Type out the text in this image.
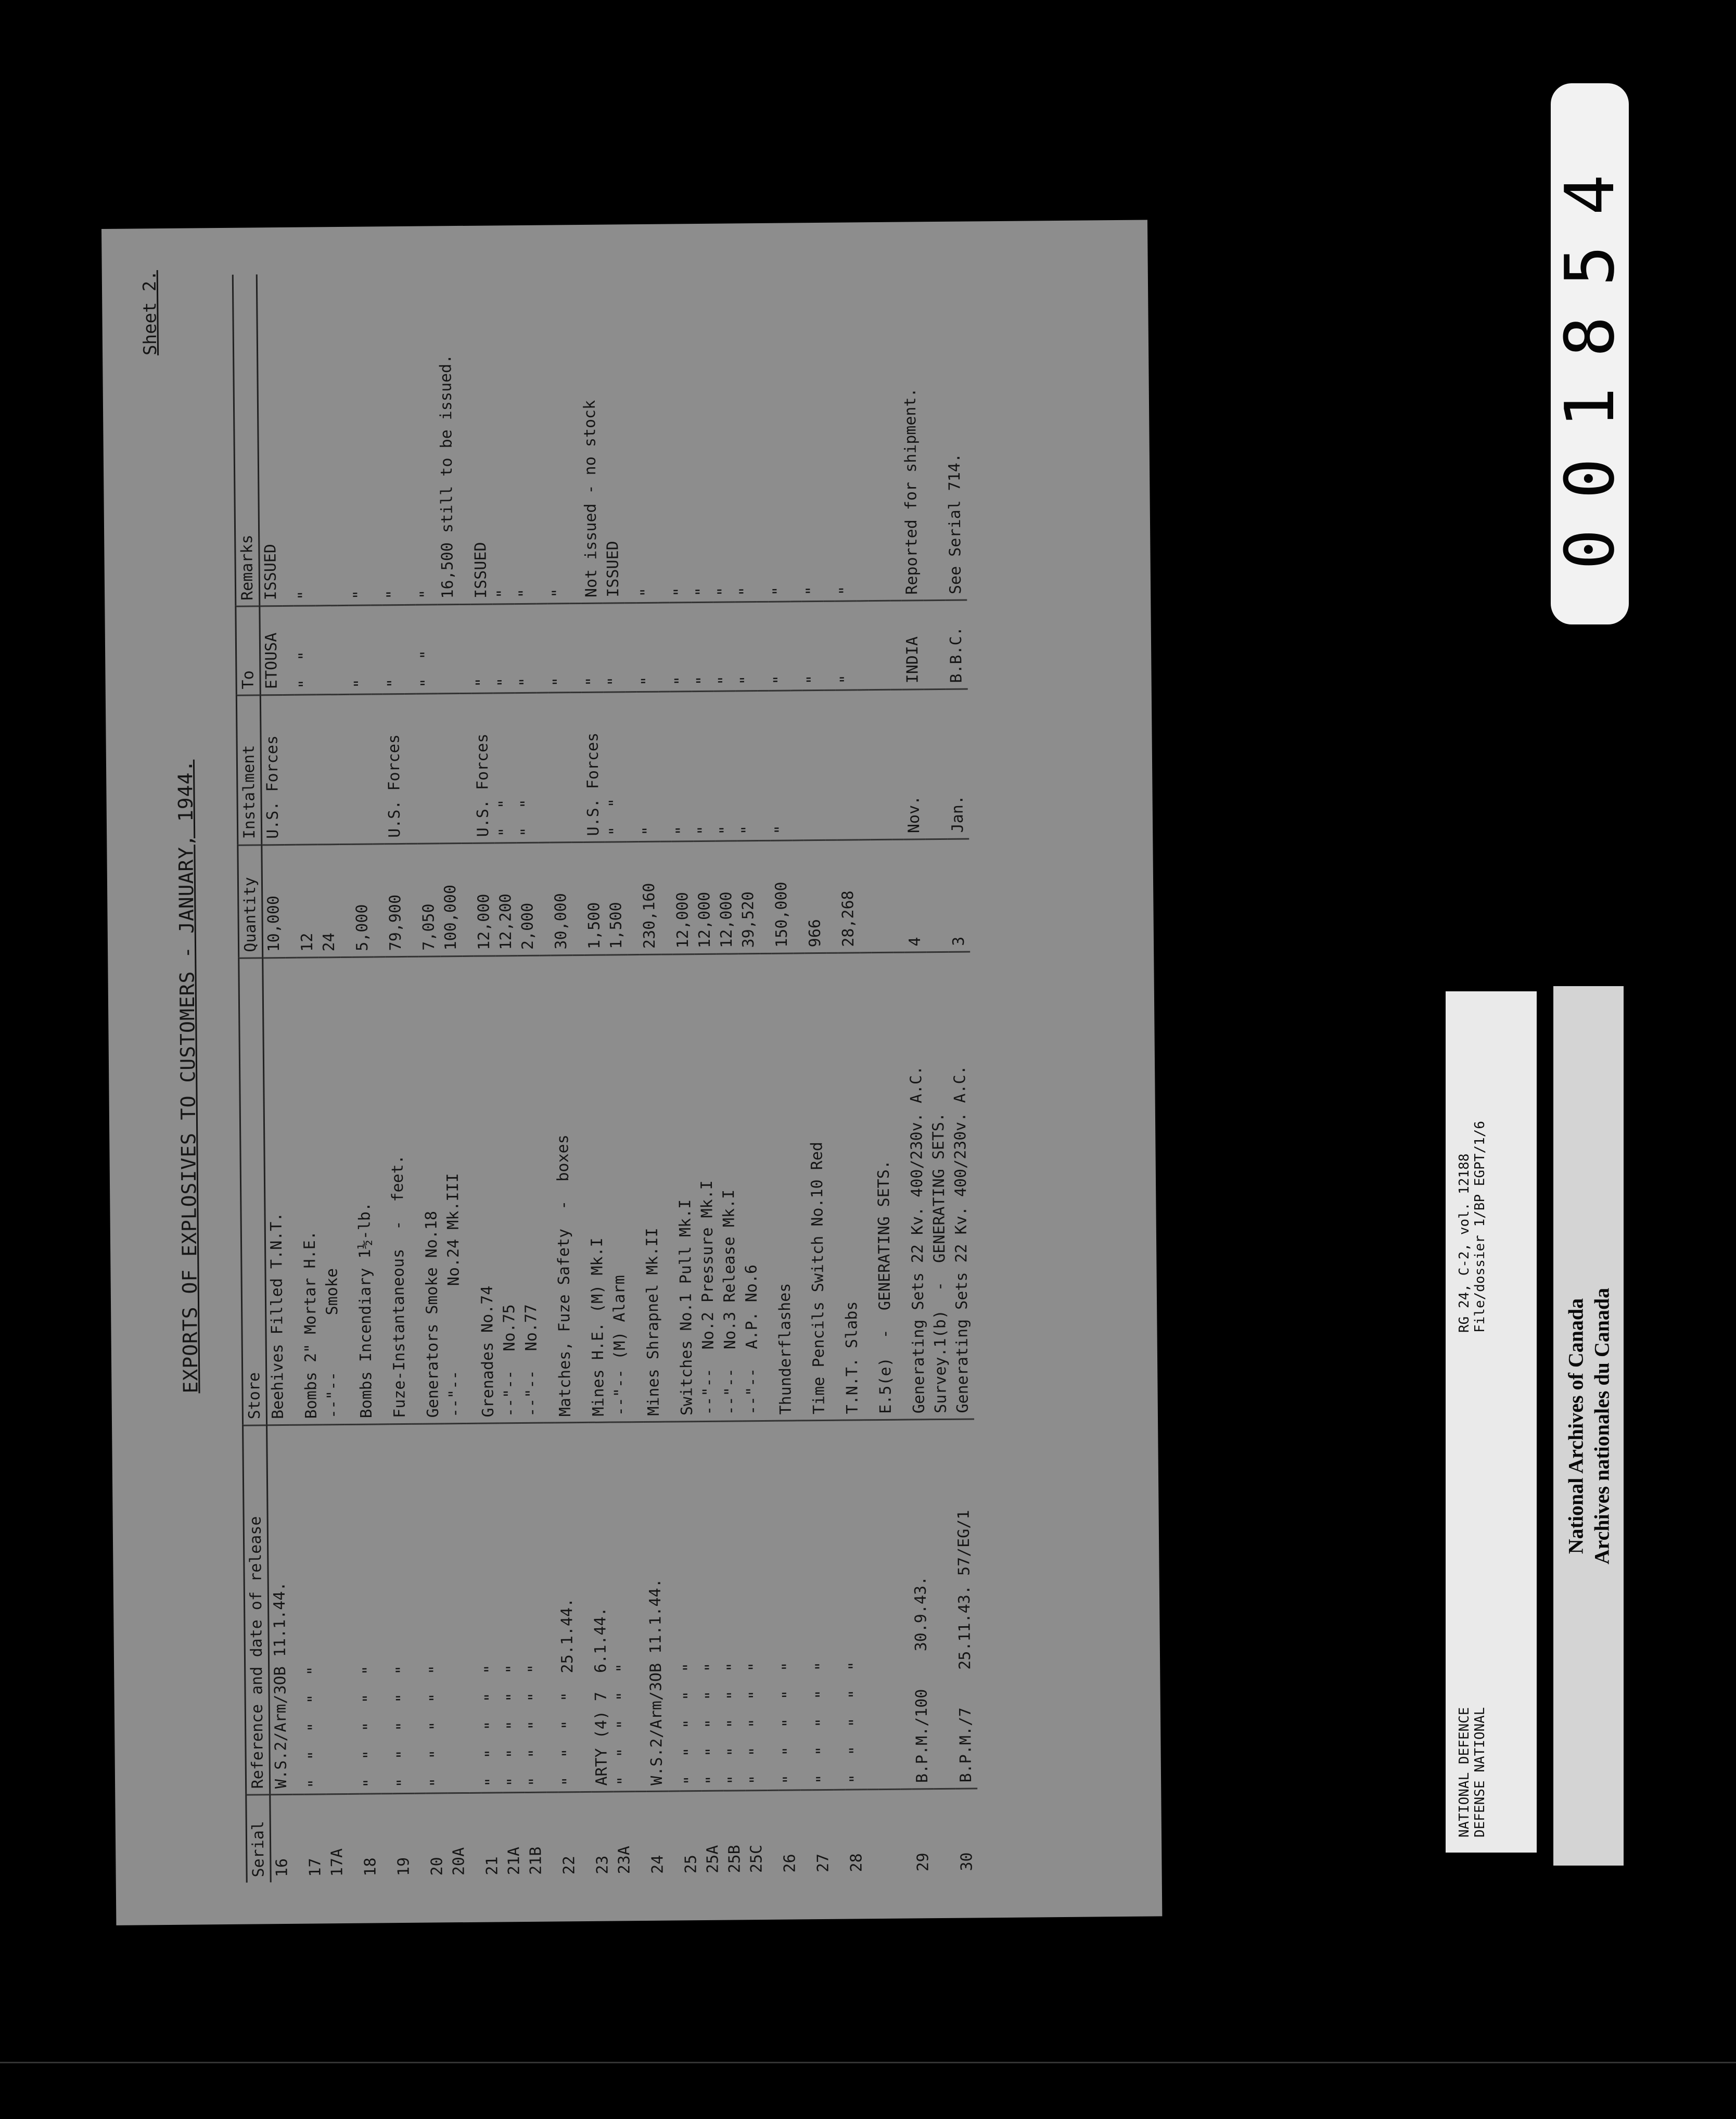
Sheet 2.
EXPORTS OF EXPLOSIVES TO CUSTOMERS - JANUARY, 1944.
Serial	Reference and date of release	Store	Quantity	Instalment	To	Remarks
16	W.S.2/Arm/3OB 11.1.44.	Beehives Filled T.N.T.	10,000	U.S. Forces	ETOUSA	ISSUED

17	"  "  "  "  "	Bombs 2" Mortar H.E.	12		"  "	"
17A		--"--      Smoke	24			

18	"  "  "  "  "	Bombs Incendiary 1½-lb.	5,000		"	"

19	"  "  "  "  "	Fuze-Instantaneous  -  feet.	79,900	U.S. Forces	"	"

20	"  "  "  "  "	Generators Smoke No.18	7,050		"  "	"
20A		--"--         No.24 Mk.III	100,000			16,500 still to be issued.

21	"  "  "  "  "	Grenades No.74	12,000	U.S. Forces	"	ISSUED
21A	"  "  "  "  "	--"--  No.75	12,200	"  "	"	"
21B	"  "  "  "  "	--"--  No.77	2,000	"  "	"	"

22	"  "  "  "  25.1.44.	Matches, Fuze Safety  -  boxes	30,000		"	"

23	ARTY (4) 7  6.1.44.	Mines H.E. (M) Mk.I	1,500	U.S. Forces	"	Not issued - no stock
23A	"  "  "  "  "	--"-- (M) Alarm	1,500	"  "	"	ISSUED

24	W.S.2/Arm/3OB 11.1.44.	Mines Shrapnel Mk.II	230,160	"	"	"

25	"  "  "  "  "	Switches No.1 Pull Mk.I	12,000	"	"	"
25A	"  "  "  "  "	--"--  No.2 Pressure Mk.I	12,000	"	"	"
25B	"  "  "  "  "	--"--  No.3 Release Mk.I	12,000	"	"	"
25C	"  "  "  "  "	--"--  A.P. No.6	39,520	"	"	"

26	"  "  "  "  "	Thunderflashes	150,000	"	"	"

27	"  "  "  "  "	Time Pencils Switch No.10 Red	966		"	"

28	"  "  "  "  "	T.N.T. Slabs	28,268		"	"

		E.5(e)  -  GENERATING SETS.				

29	B.P.M./100    30.9.43.	Generating Sets 22 Kv. 400/230v. A.C.	4	Nov.	INDIA	Reported for shipment.
		Survey.1(b)  -  GENERATING SETS.				
30	B.P.M./7    25.11.43. 57/EG/1	Generating Sets 22 Kv. 400/230v. A.C.	3	Jan.	B.B.C.	See Serial 714.	001854
NATIONAL DEFENCE DEFENSE NATIONAL
RG 24, C-2, vol. 12188 File/dossier 1/BP EGPT/1/6
National Archives of Canada Archives nationales du Canada
